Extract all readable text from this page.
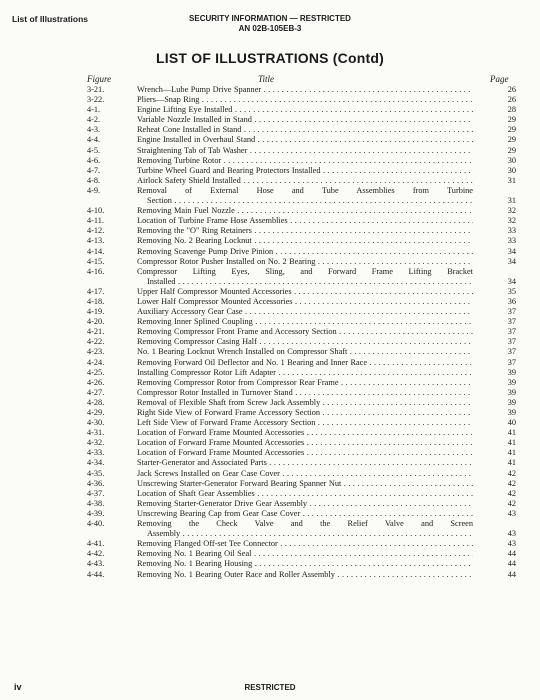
List of Illustrations	SECURITY INFORMATION — RESTRICTED
AN 02B-105EB-3
LIST OF ILLUSTRATIONS (Contd)
Figure	Title	Page
3-21.	Wrench—Lube Pump Drive Spanner . . .	26
3-22.	Pliers—Snap Ring . . .	26
4-1.	Engine Lifting Eye Installed . . .	28
4-2.	Variable Nozzle Installed in Stand . . .	29
4-3.	Reheat Cone Installed in Stand . . .	29
4-4.	Engine Installed in Overhaul Stand . . .	29
4-5.	Straightening Tab of Tab Washer . . .	29
4-6.	Removing Turbine Rotor . . .	30
4-7.	Turbine Wheel Guard and Bearing Protectors Installed . . .	30
4-8.	Airlock Safety Shield Installed . . .	31
4-9.	Removal of External Hose and Tube Assemblies from Turbine
Section . . .	31
4-10.	Removing Main Fuel Nozzle . . .	32
4-11.	Location of Turbine Frame Hose Assemblies . . .	32
4-12.	Removing the "O" Ring Retainers . . .	33
4-13.	Removing No. 2 Bearing Locknut . . .	33
4-14.	Removing Scavenge Pump Drive Pinion . . .	34
4-15.	Compressor Rotor Pusher Installed on No. 2 Bearing . . .	34
4-16.	Compressor Lifting Eyes, Sling, and Forward Frame Lifting Bracket
Installed . . .	34
4-17.	Upper Half Compressor Mounted Accessories . . .	35
4-18.	Lower Half Compressor Mounted Accessories . . .	36
4-19.	Auxiliary Accessory Gear Case . . .	37
4-20.	Removing Inner Splined Coupling . . .	37
4-21.	Removing Compressor Front Frame and Accessory Section . . .	37
4-22.	Removing Compressor Casing Half . . .	37
4-23.	No. 1 Bearing Locknut Wrench Installed on Compressor Shaft . . .	37
4-24.	Removing Forward Oil Deflector and No. 1 Bearing and Inner Race . . .	37
4-25.	Installing Compressor Rotor Lift Adapter . . .	39
4-26.	Removing Compressor Rotor from Compressor Rear Frame . . .	39
4-27.	Compressor Rotor Installed in Turnover Stand . . .	39
4-28.	Removal of Flexible Shaft from Screw Jack Assembly . . .	39
4-29.	Right Side View of Forward Frame Accessory Section . . .	39
4-30.	Left Side View of Forward Frame Accessory Section . . .	40
4-31.	Location of Forward Frame Mounted Accessories . . .	41
4-32.	Location of Forward Frame Mounted Accessories . . .	41
4-33.	Location of Forward Frame Mounted Accessories . . .	41
4-34.	Starter-Generator and Associated Parts . . .	41
4-35.	Jack Screws Installed on Gear Case Cover . . .	42
4-36.	Unscrewing Starter-Generator Forward Bearing Spanner Nut . . .	42
4-37.	Location of Shaft Gear Assemblies . . .	42
4-38.	Removing Starter-Generator Drive Gear Assembly . . .	42
4-39.	Unscrewing Bearing Cap from Gear Case Cover . . .	43
4-40.	Removing the Check Valve and the Relief Valve and Screen
Assembly . . .	43
4-41.	Removing Flanged Off-set Tee Connector . . .	43
4-42.	Removing No. 1 Bearing Oil Seal . . .	44
4-43.	Removing No. 1 Bearing Housing . . .	44
4-44.	Removing No. 1 Bearing Outer Race and Roller Assembly . . .	44
iv	RESTRICTED
